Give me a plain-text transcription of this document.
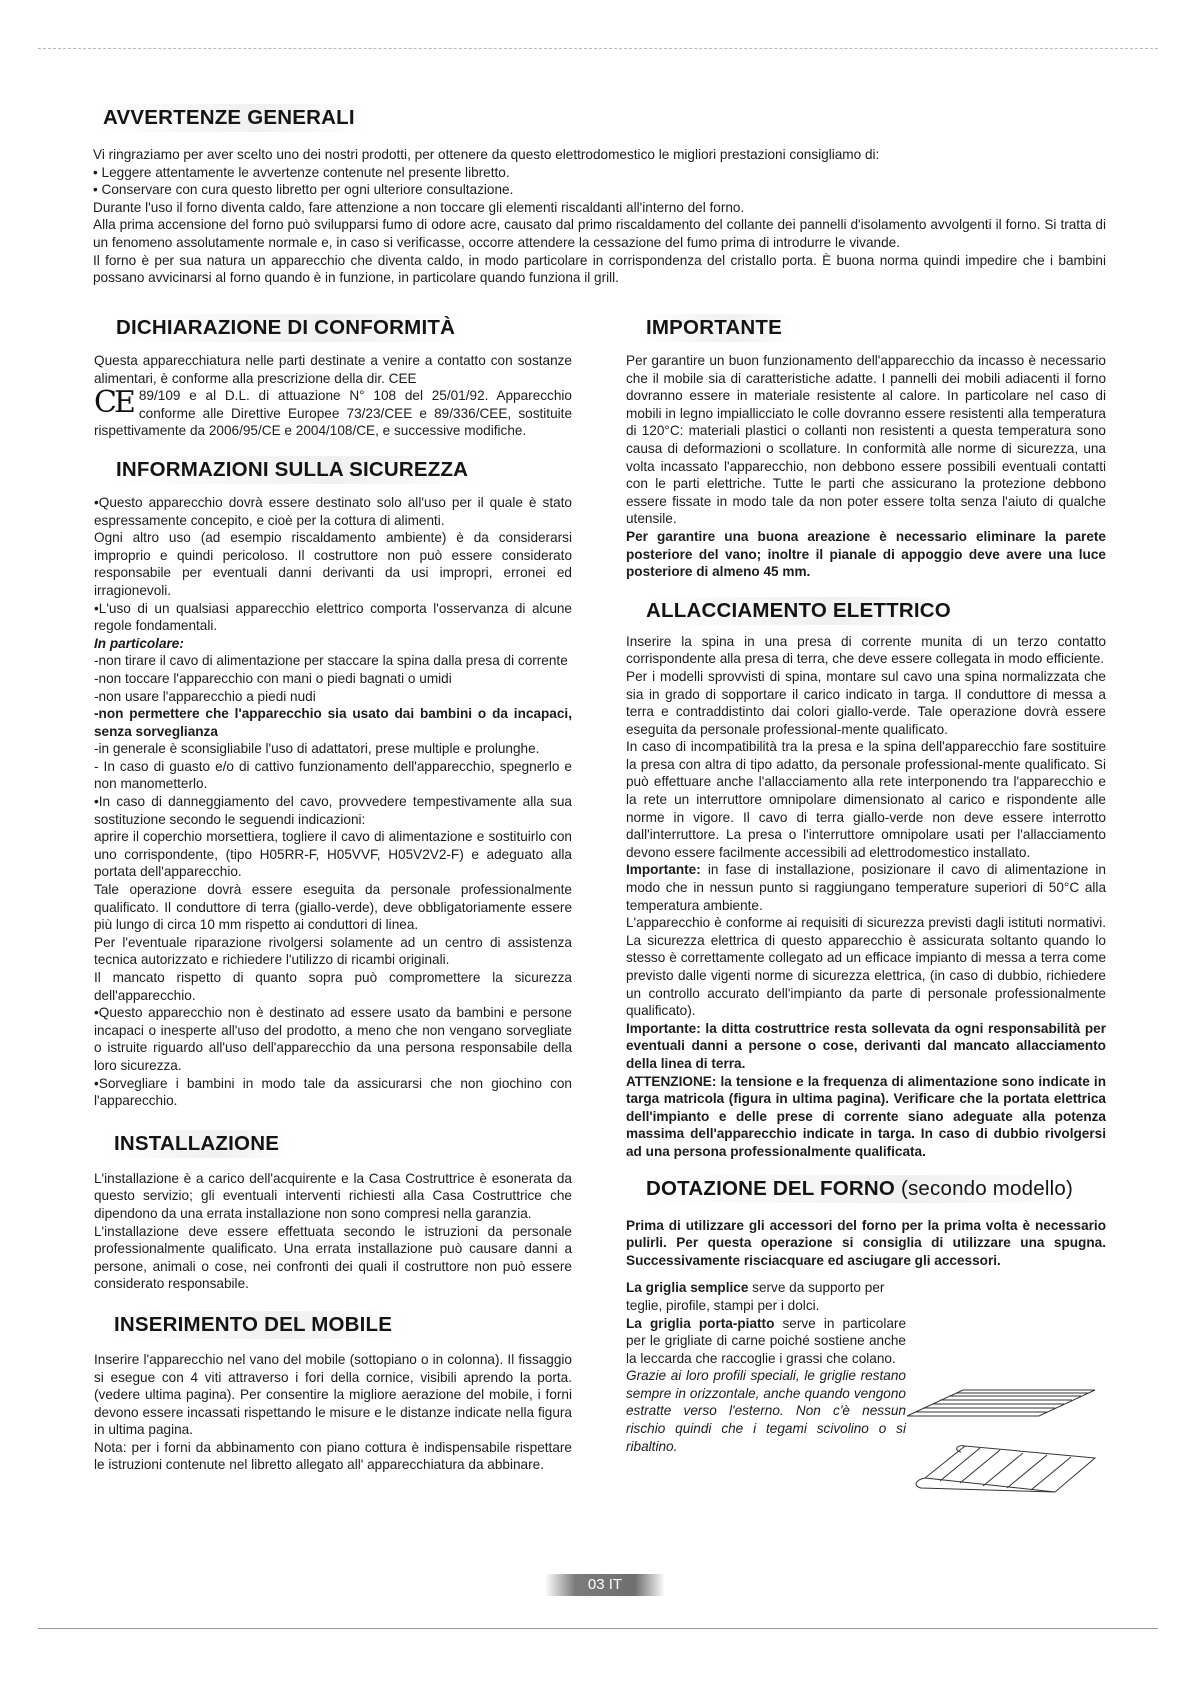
AVVERTENZE GENERALI

Vi ringraziamo per aver scelto uno dei nostri prodotti, per ottenere da questo elettrodomestico le migliori prestazioni consigliamo di:

• Leggere attentamente le avvertenze contenute nel presente libretto.

• Conservare con cura questo libretto per ogni ulteriore consultazione.

Durante l'uso il forno diventa caldo, fare attenzione a non toccare gli elementi riscaldanti all'interno del forno.

Alla prima accensione del forno può svilupparsi fumo di odore acre, causato dal primo riscaldamento del collante dei pannelli d'isolamento avvolgenti il forno. Si tratta di un fenomeno assolutamente normale e, in caso si verificasse, occorre attendere la cessazione del fumo prima di introdurre le vivande.

Il forno è per sua natura un apparecchio che diventa caldo, in modo particolare in corrispondenza del cristallo porta. È buona norma quindi impedire che i bambini possano avvicinarsi al forno quando è in funzione, in particolare quando funziona il grill.

DICHIARAZIONE DI CONFORMITÀ

Questa apparecchiatura nelle parti destinate a venire a contatto con sostanze alimentari, è conforme alla prescrizione della dir. CEE

CE 89/109 e al D.L. di attuazione N° 108 del 25/01/92. Apparecchio conforme alle Direttive Europee 73/23/CEE e 89/336/CEE, sostituite rispettivamente da 2006/95/CE e 2004/108/CE, e successive modifiche.

INFORMAZIONI SULLA SICUREZZA

•Questo apparecchio dovrà essere destinato solo all'uso per il quale è stato espressamente concepito, e cioè per la cottura di alimenti.

Ogni altro uso (ad esempio riscaldamento ambiente) è da considerarsi improprio e quindi pericoloso. Il costruttore non può essere considerato responsabile per eventuali danni derivanti da usi impropri, erronei ed irragionevoli.

•L'uso di un qualsiasi apparecchio elettrico comporta l'osservanza di alcune regole fondamentali.

In particolare:

-non tirare il cavo di alimentazione per staccare la spina dalla presa di corrente

-non toccare l'apparecchio con mani o piedi bagnati o umidi

-non usare l'apparecchio a piedi nudi

-non permettere che l'apparecchio sia usato dai bambini o da incapaci, senza sorveglianza

-in generale è sconsigliabile l'uso di adattatori, prese multiple e prolunghe.

- In caso di guasto e/o di cattivo funzionamento dell'apparecchio, spegnerlo e non manometterlo.

•In caso di danneggiamento del cavo, provvedere tempestivamente alla sua sostituzione secondo le seguendi indicazioni:

aprire il coperchio morsettiera, togliere il cavo di alimentazione e sostituirlo con uno corrispondente, (tipo H05RR-F, H05VVF, H05V2V2-F) e adeguato alla portata dell'apparecchio.

Tale operazione dovrà essere eseguita da personale professionalmente qualificato. Il conduttore di terra (giallo-verde), deve obbligatoriamente essere più lungo di circa 10 mm rispetto ai conduttori di linea.

Per l'eventuale riparazione rivolgersi solamente ad un centro di assistenza tecnica autorizzato e richiedere l'utilizzo di ricambi originali.

Il mancato rispetto di quanto sopra può compromettere la sicurezza dell'apparecchio.

•Questo apparecchio non è destinato ad essere usato da bambini e persone incapaci o inesperte all'uso del prodotto, a meno che non vengano sorvegliate o istruite riguardo all'uso dell'apparecchio da una persona responsabile della loro sicurezza.

•Sorvegliare i bambini in modo tale da assicurarsi che non giochino con l'apparecchio.

INSTALLAZIONE

L'installazione è a carico dell'acquirente e la Casa Costruttrice è esonerata da questo servizio; gli eventuali interventi richiesti alla Casa Costruttrice che dipendono da una errata installazione non sono compresi nella garanzia.

L'installazione deve essere effettuata secondo le istruzioni da personale professionalmente qualificato. Una errata installazione può causare danni a persone, animali o cose, nei confronti dei quali il costruttore non può essere considerato responsabile.

INSERIMENTO DEL MOBILE

Inserire l'apparecchio nel vano del mobile (sottopiano o in colonna). Il fissaggio si esegue con 4 viti attraverso i fori della cornice, visibili aprendo la porta.(vedere ultima pagina). Per consentire la migliore aerazione del mobile, i forni devono essere incassati rispettando le misure e le distanze indicate nella figura in ultima pagina.

Nota: per i forni da abbinamento con piano cottura è indispensabile rispettare le istruzioni contenute nel libretto allegato all' apparecchiatura da abbinare.

IMPORTANTE

Per garantire un buon funzionamento dell'apparecchio da incasso è necessario che il mobile sia di caratteristiche adatte. I pannelli dei mobili adiacenti il forno dovranno essere in materiale resistente al calore. In particolare nel caso di mobili in legno impiallicciato le colle dovranno essere resistenti alla temperatura di 120°C: materiali plastici o collanti non resistenti a questa temperatura sono causa di deformazioni o scollature. In conformità alle norme di sicurezza, una volta incassato l'apparecchio, non debbono essere possibili eventuali contatti con le parti elettriche. Tutte le parti che assicurano la protezione debbono essere fissate in modo tale da non poter essere tolta senza l'aiuto di qualche utensile.

Per garantire una buona areazione è necessario eliminare la parete posteriore del vano; inoltre il pianale di appoggio deve avere una luce posteriore di almeno 45 mm.

ALLACCIAMENTO ELETTRICO

Inserire la spina in una presa di corrente munita di un terzo contatto corrispondente alla presa di terra, che deve essere collegata in modo efficiente.

Per i modelli sprovvisti di spina, montare sul cavo una spina normalizzata che sia in grado di sopportare il carico indicato in targa. Il conduttore di messa a terra e contraddistinto dai colori giallo-verde. Tale operazione dovrà essere eseguita da personale professional-mente qualificato.

In caso di incompatibilità tra la presa e la spina dell'apparecchio fare sostituire la presa con altra di tipo adatto, da personale professional-mente qualificato. Si può effettuare anche l'allacciamento alla rete interponendo tra l'apparecchio e la rete un interruttore omnipolare dimensionato al carico e rispondente alle norme in vigore. Il cavo di terra giallo-verde non deve essere interrotto dall'interruttore. La presa o l'interruttore omnipolare usati per l'allacciamento devono essere facilmente accessibili ad elettrodomestico installato.

Importante: in fase di installazione, posizionare il cavo di alimentazione in modo che in nessun punto si raggiungano temperature superiori di 50°C alla temperatura ambiente.

L'apparecchio è conforme ai requisiti di sicurezza previsti dagli istituti normativi. La sicurezza elettrica di questo apparecchio è assicurata soltanto quando lo stesso è correttamente collegato ad un efficace impianto di messa a terra come previsto dalle vigenti norme di sicurezza elettrica, (in caso di dubbio, richiedere un controllo accurato dell'impianto da parte di personale professionalmente qualificato).

Importante: la ditta costruttrice resta sollevata da ogni responsabilità per eventuali danni a persone o cose, derivanti dal mancato allacciamento della linea di terra.

ATTENZIONE: la tensione e la frequenza di alimentazione sono indicate in targa matricola (figura in ultima pagina). Verificare che la portata elettrica dell'impianto e delle prese di corrente siano adeguate alla potenza massima dell'apparecchio indicate in targa. In caso di dubbio rivolgersi ad una persona professionalmente qualificata.

DOTAZIONE DEL FORNO (secondo modello)

Prima di utilizzare gli accessori del forno per la prima volta è necessario pulirli. Per questa operazione si consiglia di utilizzare una spugna. Successivamente risciacquare ed asciugare gli accessori.

La griglia semplice serve da supporto per teglie, pirofile, stampi per i dolci.

La griglia porta-piatto serve in particolare per le grigliate di carne poiché sostiene anche la leccarda che raccoglie i grassi che colano.

Grazie ai loro profili speciali, le griglie restano sempre in orizzontale, anche quando vengono estratte verso l'esterno. Non c'è nessun rischio quindi che i tegami scivolino o si ribaltino.

03 IT
